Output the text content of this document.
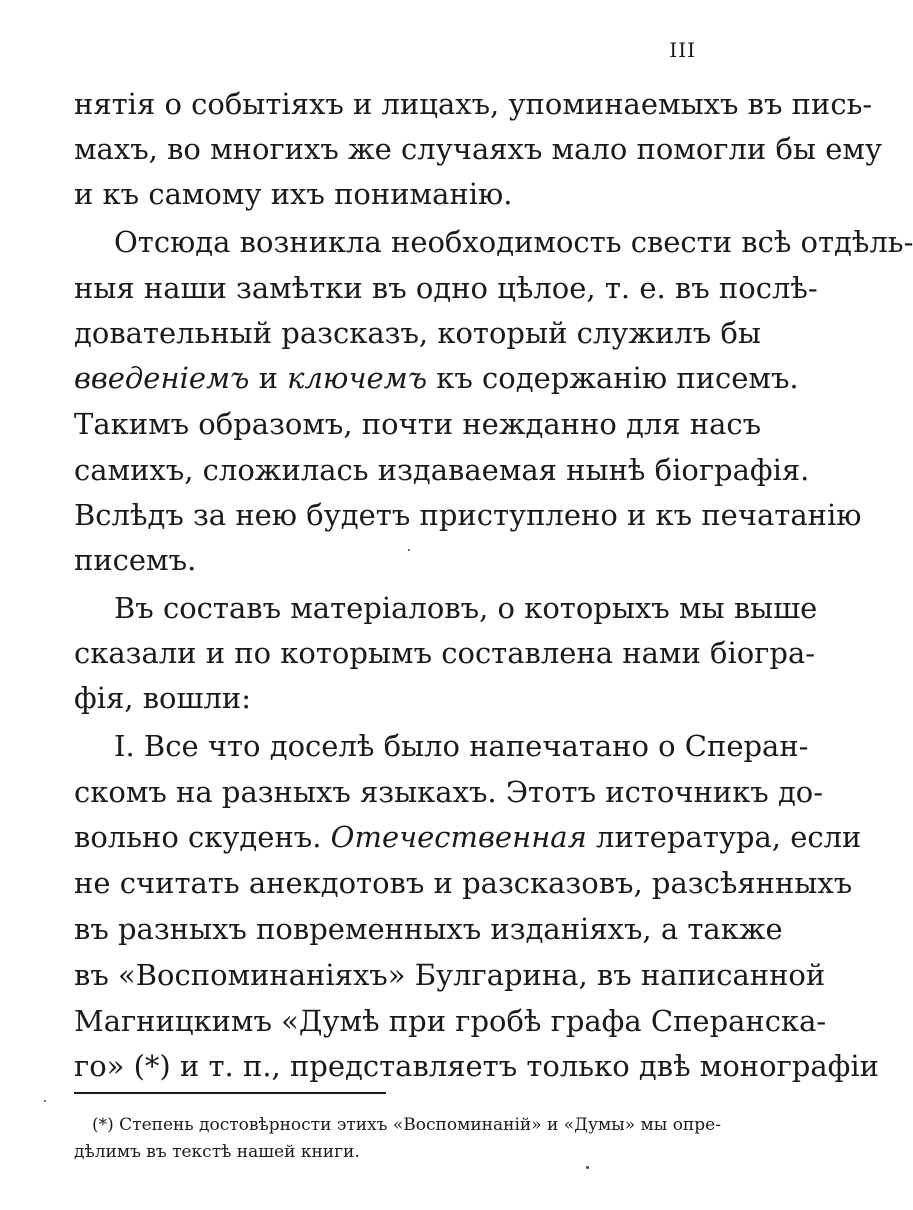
III
нятія о событіяхъ и лицахъ, упоминаемыхъ въ пись-
махъ, во многихъ же случаяхъ мало помогли бы ему
и къ самому ихъ пониманію.
Отсюда возникла необходимость свести всѣ отдѣль-
ныя наши замѣтки въ одно цѣлое, т. е. въ послѣ-
довательный разсказъ, который служилъ бы
введеніемъ и ключемъ къ содержанію писемъ.
Такимъ образомъ, почти нежданно для насъ
самихъ, сложилась издаваемая нынѣ біографія.
Вслѣдъ за нею будетъ приступлено и къ печатанію
писемъ.
Въ составъ матеріаловъ, о которыхъ мы выше
сказали и по которымъ составлена нами біогра-
фія, вошли:
I. Все что доселѣ было напечатано о Сперан-
скомъ на разныхъ языкахъ. Этотъ источникъ до-
вольно скуденъ. Отечественная литература, если
не считать анекдотовъ и разсказовъ, разсѣянныхъ
въ разныхъ повременныхъ изданіяхъ, а также
въ «Воспоминаніяхъ» Булгарина, въ написанной
Магницкимъ «Думѣ при гробѣ графа Сперанска-
го» (*) и т. п., представляетъ только двѣ монографіи
(*) Степень достовѣрности этихъ «Воспоминаній» и «Думы» мы опре-
дѣлимъ въ текстѣ нашей книги.
